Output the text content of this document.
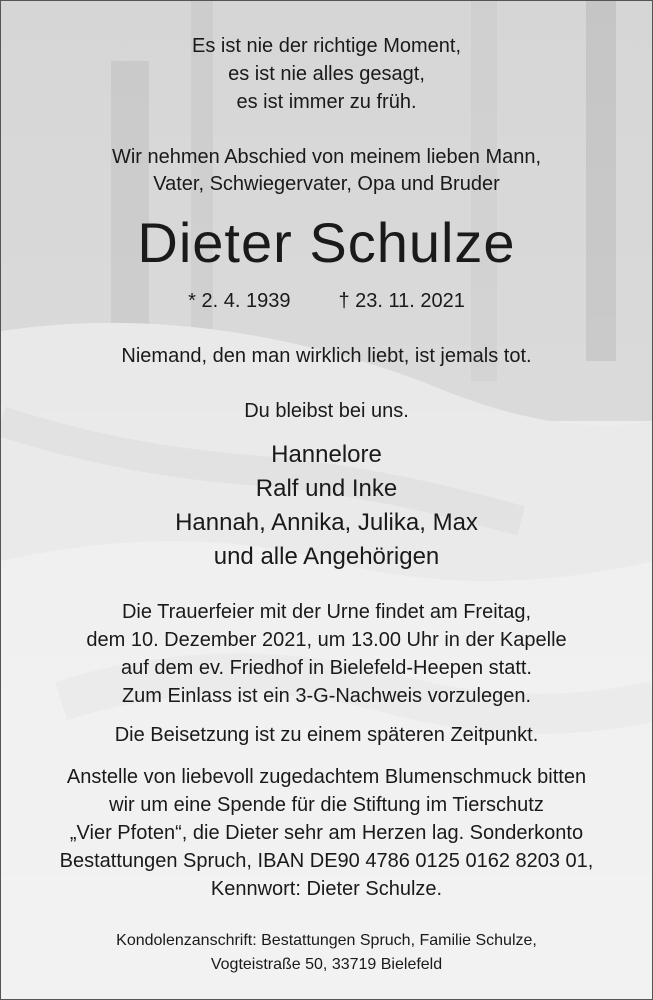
Es ist nie der richtige Moment,
es ist nie alles gesagt,
es ist immer zu früh.
Wir nehmen Abschied von meinem lieben Mann,
Vater, Schwiegervater, Opa und Bruder
Dieter Schulze
* 2. 4. 1939 † 23. 11. 2021
Niemand, den man wirklich liebt, ist jemals tot.
Du bleibst bei uns.
Hannelore
Ralf und Inke
Hannah, Annika, Julika, Max
und alle Angehörigen
Die Trauerfeier mit der Urne findet am Freitag,
dem 10. Dezember 2021, um 13.00 Uhr in der Kapelle
auf dem ev. Friedhof in Bielefeld-Heepen statt.
Zum Einlass ist ein 3-G-Nachweis vorzulegen.
Die Beisetzung ist zu einem späteren Zeitpunkt.
Anstelle von liebevoll zugedachtem Blumenschmuck bitten
wir um eine Spende für die Stiftung im Tierschutz
„Vier Pfoten“, die Dieter sehr am Herzen lag. Sonderkonto
Bestattungen Spruch, IBAN DE90 4786 0125 0162 8203 01,
Kennwort: Dieter Schulze.
Kondolenzanschrift: Bestattungen Spruch, Familie Schulze,
Vogteistraße 50, 33719 Bielefeld
